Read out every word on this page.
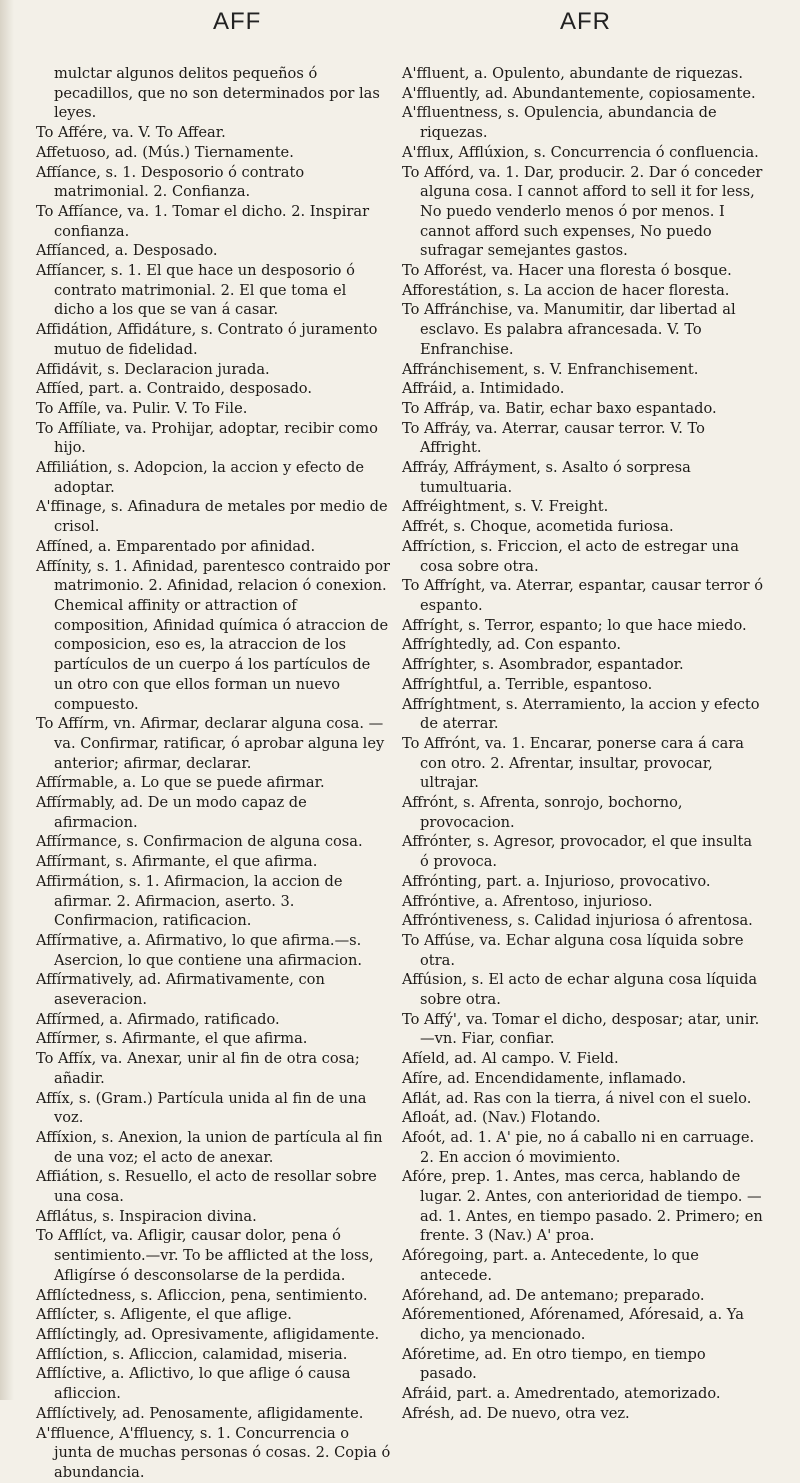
AFF	AFR

mulctar algunos delitos pequeños ó pecadillos, que no son determinados por las leyes.

To Affére, va. V. To Affear.

Affetuoso, ad. (Mús.) Tiernamente.

Affíance, s. 1. Desposorio ó contrato matrimonial. 2. Confianza.

To Affíance, va. 1. Tomar el dicho. 2. Inspirar confianza.

Affíanced, a. Desposado.

Affíancer, s. 1. El que hace un desposorio ó contrato matrimonial. 2. El que toma el dicho a los que se van á casar.

Affidátion, Affidáture, s. Contrato ó juramento mutuo de fidelidad.

Affidávit, s. Declaracion jurada.

Affíed, part. a. Contraido, desposado.

To Affíle, va. Pulir. V. To File.

To Affíliate, va. Prohijar, adoptar, recibir como hijo.

Affiliátion, s. Adopcion, la accion y efecto de adoptar.

A'ffinage, s. Afinadura de metales por medio de crisol.

Affíned, a. Emparentado por afinidad.

Affínity, s. 1. Afinidad, parentesco contraido por matrimonio. 2. Afinidad, relacion ó conexion. Chemical affinity or attraction of composition, Afinidad química ó atraccion de composicion, eso es, la atraccion de los partículos de un cuerpo á los partículos de un otro con que ellos forman un nuevo compuesto.

To Affírm, vn. Afirmar, declarar alguna cosa. —va. Confirmar, ratificar, ó aprobar alguna ley anterior; afirmar, declarar.

Affírmable, a. Lo que se puede afirmar.

Affírmably, ad. De un modo capaz de afirmacion.

Affírmance, s. Confirmacion de alguna cosa.

Affírmant, s. Afirmante, el que afirma.

Affirmátion, s. 1. Afirmacion, la accion de afirmar. 2. Afirmacion, aserto. 3. Confirmacion, ratificacion.

Affírmative, a. Afirmativo, lo que afirma.—s. Asercion, lo que contiene una afirmacion.

Affírmatively, ad. Afirmativamente, con aseveracion.

Affírmed, a. Afirmado, ratificado.

Affírmer, s. Afirmante, el que afirma.

To Affíx, va. Anexar, unir al fin de otra cosa; añadir.

Affíx, s. (Gram.) Partícula unida al fin de una voz.

Affíxion, s. Anexion, la union de partícula al fin de una voz; el acto de anexar.

Affiátion, s. Resuello, el acto de resollar sobre una cosa.

Afflátus, s. Inspiracion divina.

To Afflíct, va. Afligir, causar dolor, pena ó sentimiento.—vr. To be afflicted at the loss, Afligírse ó desconsolarse de la perdida.

Afflíctedness, s. Afliccion, pena, sentimiento.

Afflícter, s. Afligente, el que aflige.

Afflíctingly, ad. Opresivamente, afligidamente.

Afflíction, s. Afliccion, calamidad, miseria.

Afflíctive, a. Aflictivo, lo que aflige ó causa afliccion.

Afflíctively, ad. Penosamente, afligidamente.

A'ffluence, A'ffluency, s. 1. Concurrencia o junta de muchas personas ó cosas. 2. Copia ó abundancia.

A'ffluent, a. Opulento, abundante de riquezas.

A'ffluently, ad. Abundantemente, copiosamente.

A'ffluentness, s. Opulencia, abundancia de riquezas.

A'fflux, Afflúxion, s. Concurrencia ó confluencia.

To Affórd, va. 1. Dar, producir. 2. Dar ó conceder alguna cosa. I cannot afford to sell it for less, No puedo venderlo menos ó por menos. I cannot afford such expenses, No puedo sufragar semejantes gastos.

To Afforést, va. Hacer una floresta ó bosque.

Afforestátion, s. La accion de hacer floresta.

To Affránchise, va. Manumitir, dar libertad al esclavo. Es palabra afrancesada. V. To Enfranchise.

Affránchisement, s. V. Enfranchisement.

Affráid, a. Intimidado.

To Affráp, va. Batir, echar baxo espantado.

To Affráy, va. Aterrar, causar terror. V. To Affright.

Affráy, Affráyment, s. Asalto ó sorpresa tumultuaria.

Affréightment, s. V. Freight.

Affrét, s. Choque, acometida furiosa.

Affríction, s. Friccion, el acto de estregar una cosa sobre otra.

To Affríght, va. Aterrar, espantar, causar terror ó espanto.

Affríght, s. Terror, espanto; lo que hace miedo.

Affríghtedly, ad. Con espanto.

Affríghter, s. Asombrador, espantador.

Affríghtful, a. Terrible, espantoso.

Affríghtment, s. Aterramiento, la accion y efecto de aterrar.

To Affrónt, va. 1. Encarar, ponerse cara á cara con otro. 2. Afrentar, insultar, provocar, ultrajar.

Affrónt, s. Afrenta, sonrojo, bochorno, provocacion.

Affrónter, s. Agresor, provocador, el que insulta ó provoca.

Affrónting, part. a. Injurioso, provocativo.

Affróntive, a. Afrentoso, injurioso.

Affróntiveness, s. Calidad injuriosa ó afrentosa.

To Affúse, va. Echar alguna cosa líquida sobre otra.

Affúsion, s. El acto de echar alguna cosa líquida sobre otra.

To Affý', va. Tomar el dicho, desposar; atar, unir.—vn. Fiar, confiar.

Afíeld, ad. Al campo. V. Field.

Afíre, ad. Encendidamente, inflamado.

Aflát, ad. Ras con la tierra, á nivel con el suelo.

Afloát, ad. (Nav.) Flotando.

Afoót, ad. 1. A' pie, no á caballo ni en carruage. 2. En accion ó movimiento.

Afóre, prep. 1. Antes, mas cerca, hablando de lugar. 2. Antes, con anterioridad de tiempo. —ad. 1. Antes, en tiempo pasado. 2. Primero; en frente. 3 (Nav.) A' proa.

Afóregoing, part. a. Antecedente, lo que antecede.

Afórehand, ad. De antemano; preparado.

Afórementioned, Afórenamed, Afóresaid, a. Ya dicho, ya mencionado.

Afóretime, ad. En otro tiempo, en tiempo pasado.

Afráid, part. a. Amedrentado, atemorizado.

Afrésh, ad. De nuevo, otra vez.
